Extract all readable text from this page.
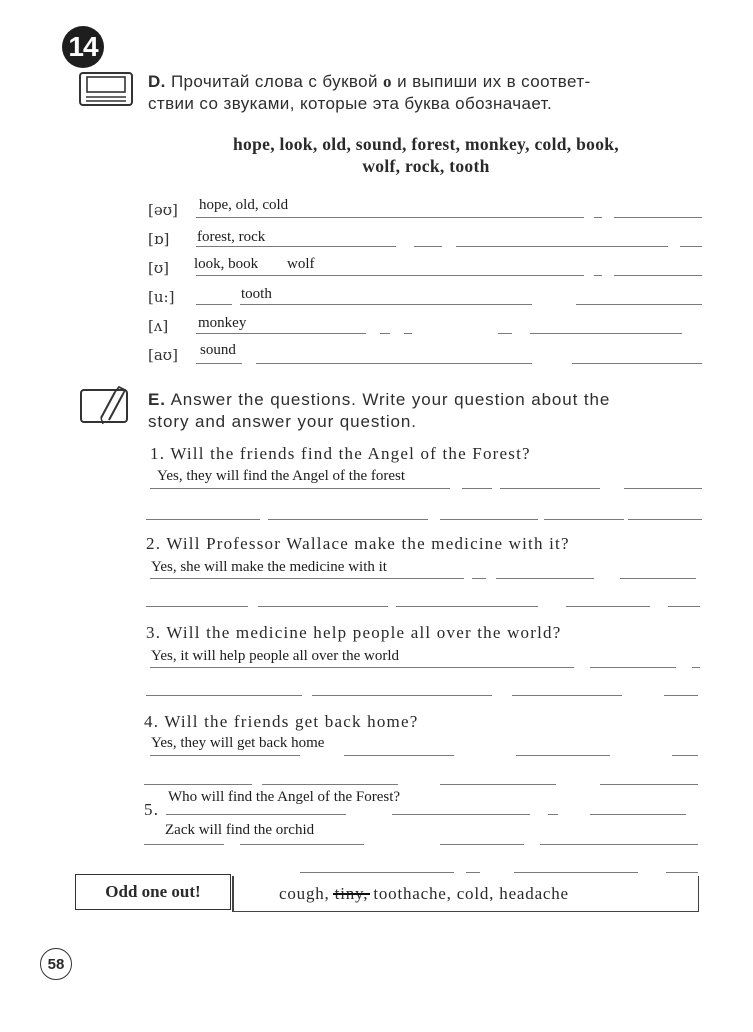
14
D. Прочитай слова с буквой o и выпиши их в соответ-
ствии со звуками, которые эта буква обозначает.
hope, look, old, sound, forest, monkey, cold, book,
wolf, rock, tooth
[əʊ] hope, old, cold
[ɒ] forest, rock
[ʊ] look, book wolf
[u:]	tooth
[ʌ] monkey
[aʊ] sound
E. Answer the questions. Write your question about the
story and answer your question.
1. Will the friends find the Angel of the Forest?
Yes, they will find the Angel of the forest
2. Will Professor Wallace make the medicine with it?
Yes, she will make the medicine with it
3. Will the medicine help people all over the world?
Yes, it will help people all over the world
4. Will the friends get back home?
Yes, they will get back home
5.
Who will find the Angel of the Forest?
Zack will find the orchid
Odd one out!	cough, tiny, toothache, cold, headache
58
